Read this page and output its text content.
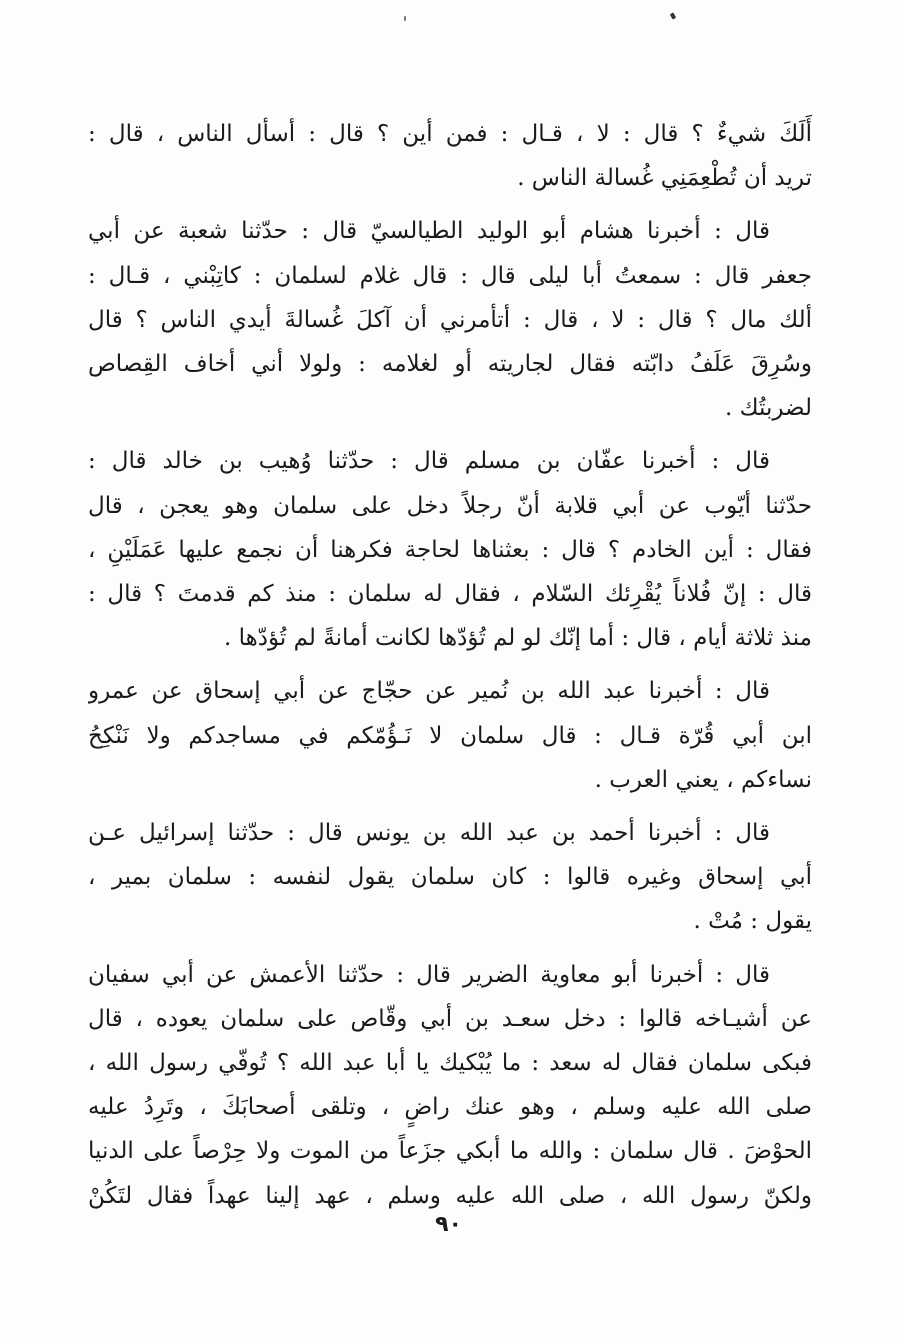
أَلَكَ شيءٌ ؟ قال : لا ، قـال : فمن أين ؟ قال : أسأل الناس ، قال :
تريد أن تُطْعِمَنِي غُسالة الناس .

قال : أخبرنا هشام أبو الوليد الطيالسيّ قال : حدّثنا شعبة عن أبي
جعفر قال : سمعتُ أبا ليلى قال : قال غلام لسلمان : كاتِبْني ، قـال :
ألك مال ؟ قال : لا ، قال : أتأمرني أن آكلَ غُسالةَ أيدي الناس ؟ قال
وسُرِقَ عَلَفُ دابّته فقال لجاريته أو لغلامه : ولولا أني أخاف القِصاص
لضربتُك .

قال : أخبرنا عفّان بن مسلم قال : حدّثنا وُهيب بن خالد قال :
حدّثنا أيّوب عن أبي قلابة أنّ رجلاً دخل على سلمان وهو يعجن ، قال
فقال : أين الخادم ؟ قال : بعثناها لحاجة فكرهنا أن نجمع عليها عَمَلَيْنِ ،
قال : إنّ فُلاناً يُقْرِئك السّلام ، فقال له سلمان : منذ كم قدمتَ ؟ قال :
منذ ثلاثة أيام ، قال : أما إنّك لو لم تُؤدّها لكانت أمانةً لم تُؤدّها .

قال : أخبرنا عبد الله بن نُمير عن حجّاج عن أبي إسحاق عن عمرو
ابن أبي قُرّة قـال : قال سلمان لا نَـؤُمّكم في مساجدكم ولا نَنْكِحُ
نساءكم ، يعني العرب .

قال : أخبرنا أحمد بن عبد الله بن يونس قال : حدّثنا إسرائيل عـن
أبي إسحاق وغيره قالوا : كان سلمان يقول لنفسه : سلمان بمير ،
يقول : مُتْ .

قال : أخبرنا أبو معاوية الضرير قال : حدّثنا الأعمش عن أبي سفيان
عن أشيـاخه قالوا : دخل سعـد بن أبي وقّاص على سلمان يعوده ، قال
فبكى سلمان فقال له سعد : ما يُبْكيك يا أبا عبد الله ؟ تُوفّي رسول الله ،
صلى الله عليه وسلم ، وهو عنك راضٍ ، وتلقى أصحابَكَ ، وتَرِدُ عليه
الحوْضَ . قال سلمان : والله ما أبكي جزَعاً من الموت ولا حِرْصاً على الدنيا
ولكنّ رسول الله ، صلى الله عليه وسلم ، عهد إلينا عهداً فقال لتَكُنْ

٩٠
